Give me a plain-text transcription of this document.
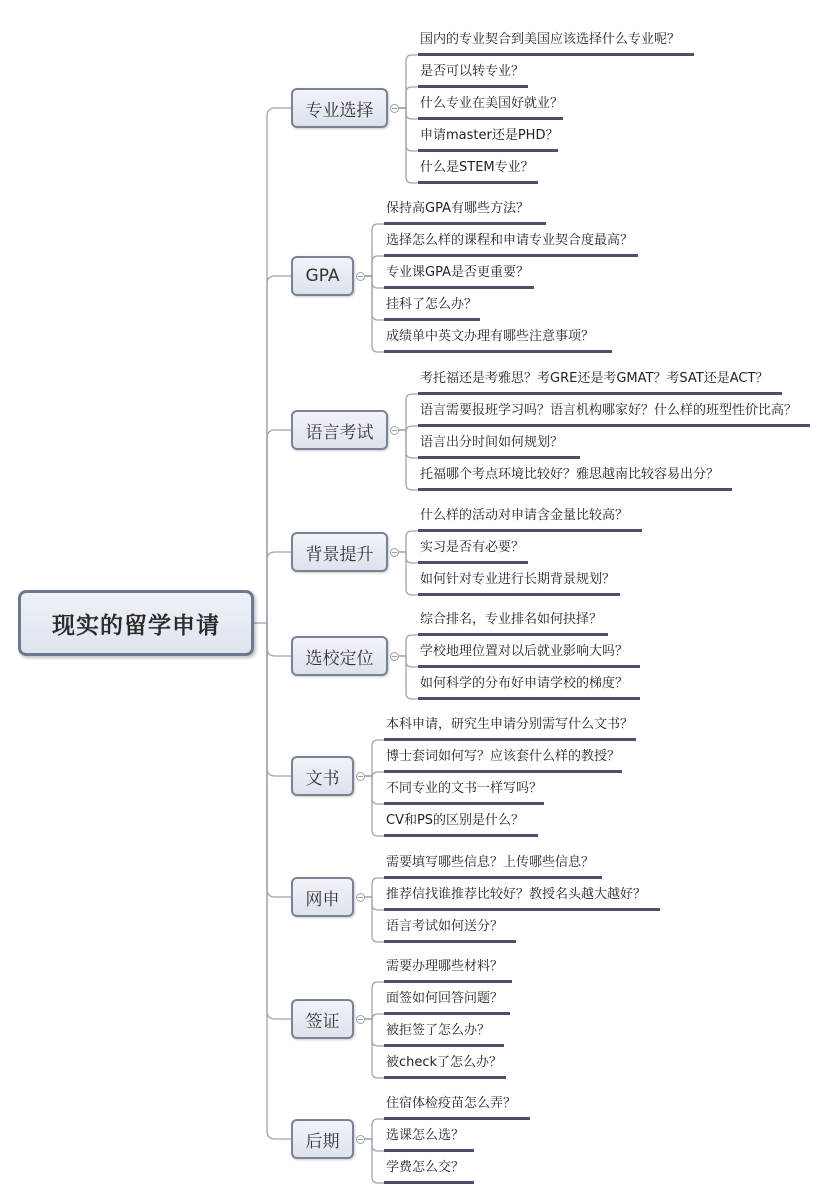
现实的留学申请
专业选择
国内的专业契合到美国应该选择什么专业呢？
是否可以转专业？
什么专业在美国好就业？
申请master还是PHD？
什么是STEM专业？
GPA
保持高GPA有哪些方法？
选择怎么样的课程和申请专业契合度最高？
专业课GPA是否更重要？
挂科了怎么办？
成绩单中英文办理有哪些注意事项？
语言考试
考托福还是考雅思？考GRE还是考GMAT？考SAT还是ACT？
语言需要报班学习吗？语言机构哪家好？什么样的班型性价比高？
语言出分时间如何规划？
托福哪个考点环境比较好？雅思越南比较容易出分？
背景提升
什么样的活动对申请含金量比较高？
实习是否有必要？
如何针对专业进行长期背景规划？
选校定位
综合排名，专业排名如何抉择？
学校地理位置对以后就业影响大吗？
如何科学的分布好申请学校的梯度？
文书
本科申请，研究生申请分别需写什么文书？
博士套词如何写？应该套什么样的教授？
不同专业的文书一样写吗？
CV和PS的区别是什么？
网申
需要填写哪些信息？上传哪些信息？
推荐信找谁推荐比较好？教授名头越大越好？
语言考试如何送分？
签证
需要办理哪些材料？
面签如何回答问题？
被拒签了怎么办？
被check了怎么办？
后期
住宿体检疫苗怎么弄？
选课怎么选？
学费怎么交？
